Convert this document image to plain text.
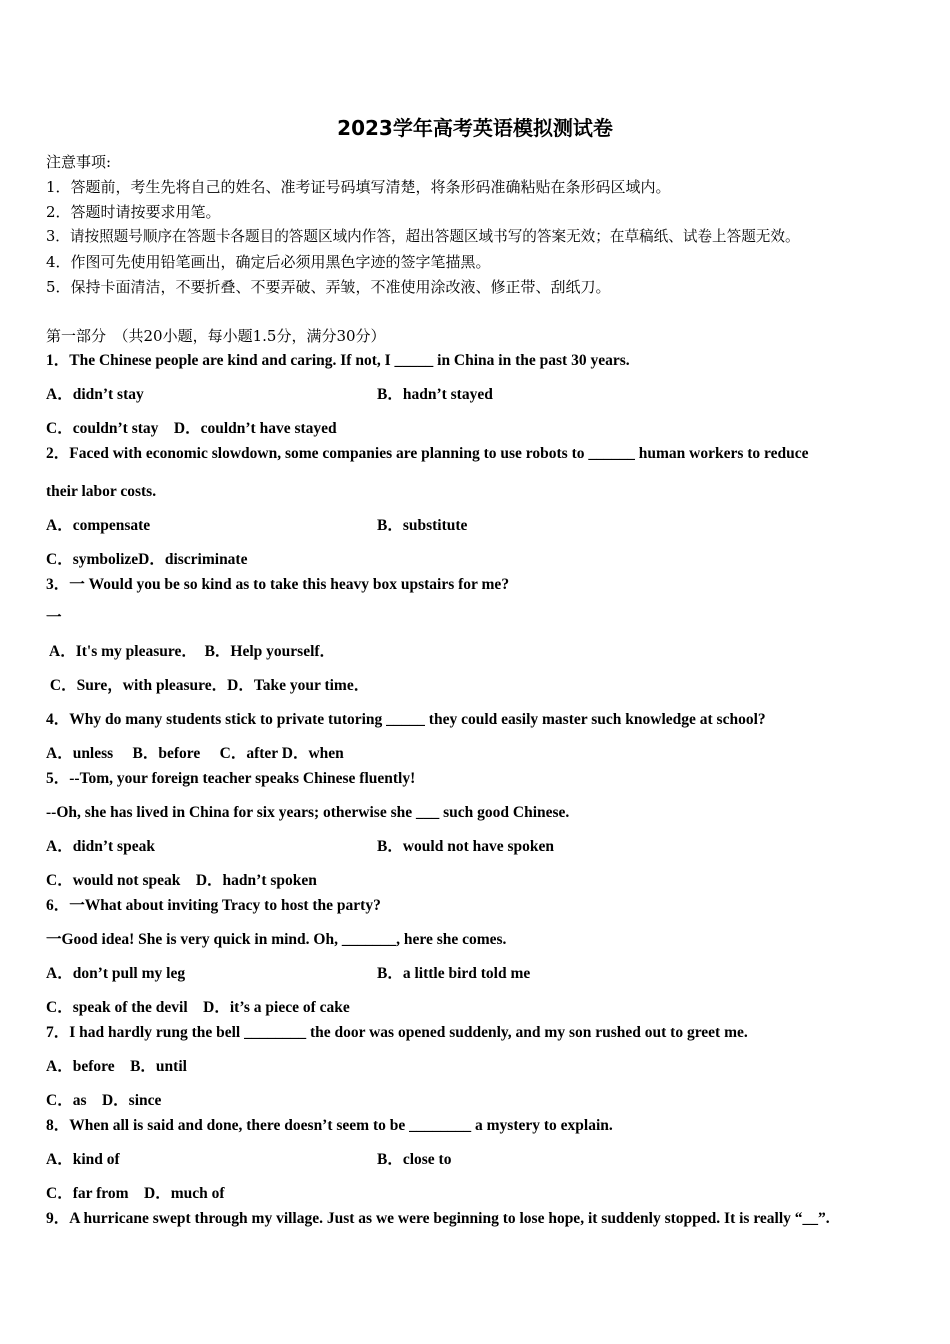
2023学年高考英语模拟测试卷
注意事项:
1．答题前，考生先将自己的姓名、准考证号码填写清楚，将条形码准确粘贴在条形码区域内。
2．答题时请按要求用笔。
3．请按照题号顺序在答题卡各题目的答题区域内作答，超出答题区域书写的答案无效；在草稿纸、试卷上答题无效。
4．作图可先使用铅笔画出，确定后必须用黑色字迹的签字笔描黑。
5．保持卡面清洁，不要折叠、不要弄破、弄皱，不准使用涂改液、修正带、刮纸刀。
第一部分　（共20小题，每小题1.5分，满分30分）
1．The Chinese people are kind and caring. If not, I _____ in China in the past 30 years.
A．didn’t stay	B．hadn’t stayed
C．couldn’t stay　D．couldn’t have stayed
2．Faced with economic slowdown, some companies are planning to use robots to ______ human workers to reduce
their labor costs.
A．compensate	B．substitute
C．symbolizeD．discriminate
3．一 Would you be so kind as to take this heavy box upstairs for me?
一
A．It's my pleasure．　B．Help yourself．
C．Sure，with pleasure．D．Take your time．
4．Why do many students stick to private tutoring _____ they could easily master such knowledge at school?
A．unless　 B．before　 C．after D．when
5．--Tom, your foreign teacher speaks Chinese fluently!
--Oh, she has lived in China for six years; otherwise she ___ such good Chinese.
A．didn’t speak	B．would not have spoken
C．would not speak　D．hadn’t spoken
6．一What about inviting Tracy to host the party?
一Good idea! She is very quick in mind. Oh, _______, here she comes.
A．don’t pull my leg	B．a little bird told me
C．speak of the devil　D．it’s a piece of cake
7．I had hardly rung the bell ________ the door was opened suddenly, and my son rushed out to greet me.
A．before　B．until
C．as　D．since
8．When all is said and done, there doesn’t seem to be ________ a mystery to explain.
A．kind of	B．close to
C．far from　D．much of
9．A hurricane swept through my village. Just as we were beginning to lose hope, it suddenly stopped. It is really “__”.
